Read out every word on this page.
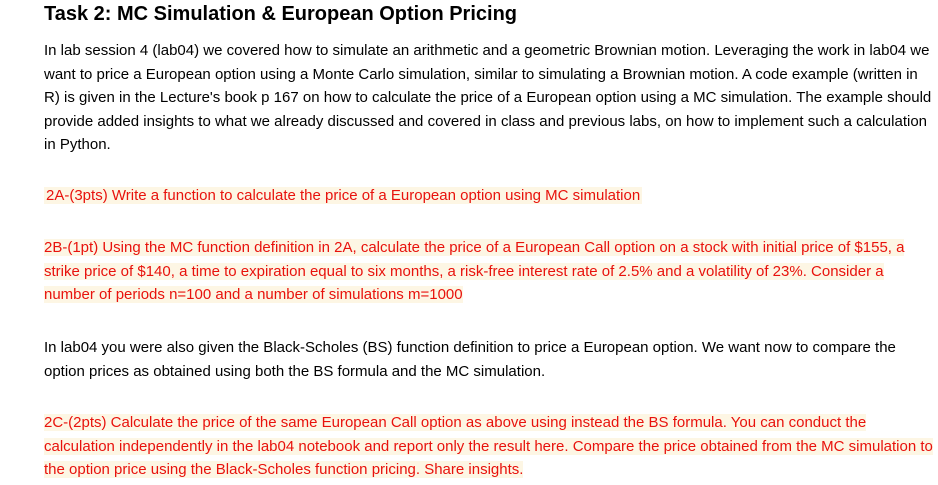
Task 2: MC Simulation & European Option Pricing

In lab session 4 (lab04) we covered how to simulate an arithmetic and a geometric Brownian motion. Leveraging the work in lab04 we want to price a European option using a Monte Carlo simulation, similar to simulating a Brownian motion. A code example (written in R) is given in the Lecture's book p 167 on how to calculate the price of a European option using a MC simulation. The example should provide added insights to what we already discussed and covered in class and previous labs, on how to implement such a calculation in Python.

2A-(3pts) Write a function to calculate the price of a European option using MC simulation

2B-(1pt) Using the MC function definition in 2A, calculate the price of a European Call option on a stock with initial price of $155, a strike price of $140, a time to expiration equal to six months, a risk-free interest rate of 2.5% and a volatility of 23%. Consider a number of periods n=100 and a number of simulations m=1000

In lab04 you were also given the Black-Scholes (BS) function definition to price a European option. We want now to compare the option prices as obtained using both the BS formula and the MC simulation.

2C-(2pts) Calculate the price of the same European Call option as above using instead the BS formula. You can conduct the calculation independently in the lab04 notebook and report only the result here. Compare the price obtained from the MC simulation to the option price using the Black-Scholes function pricing. Share insights.
